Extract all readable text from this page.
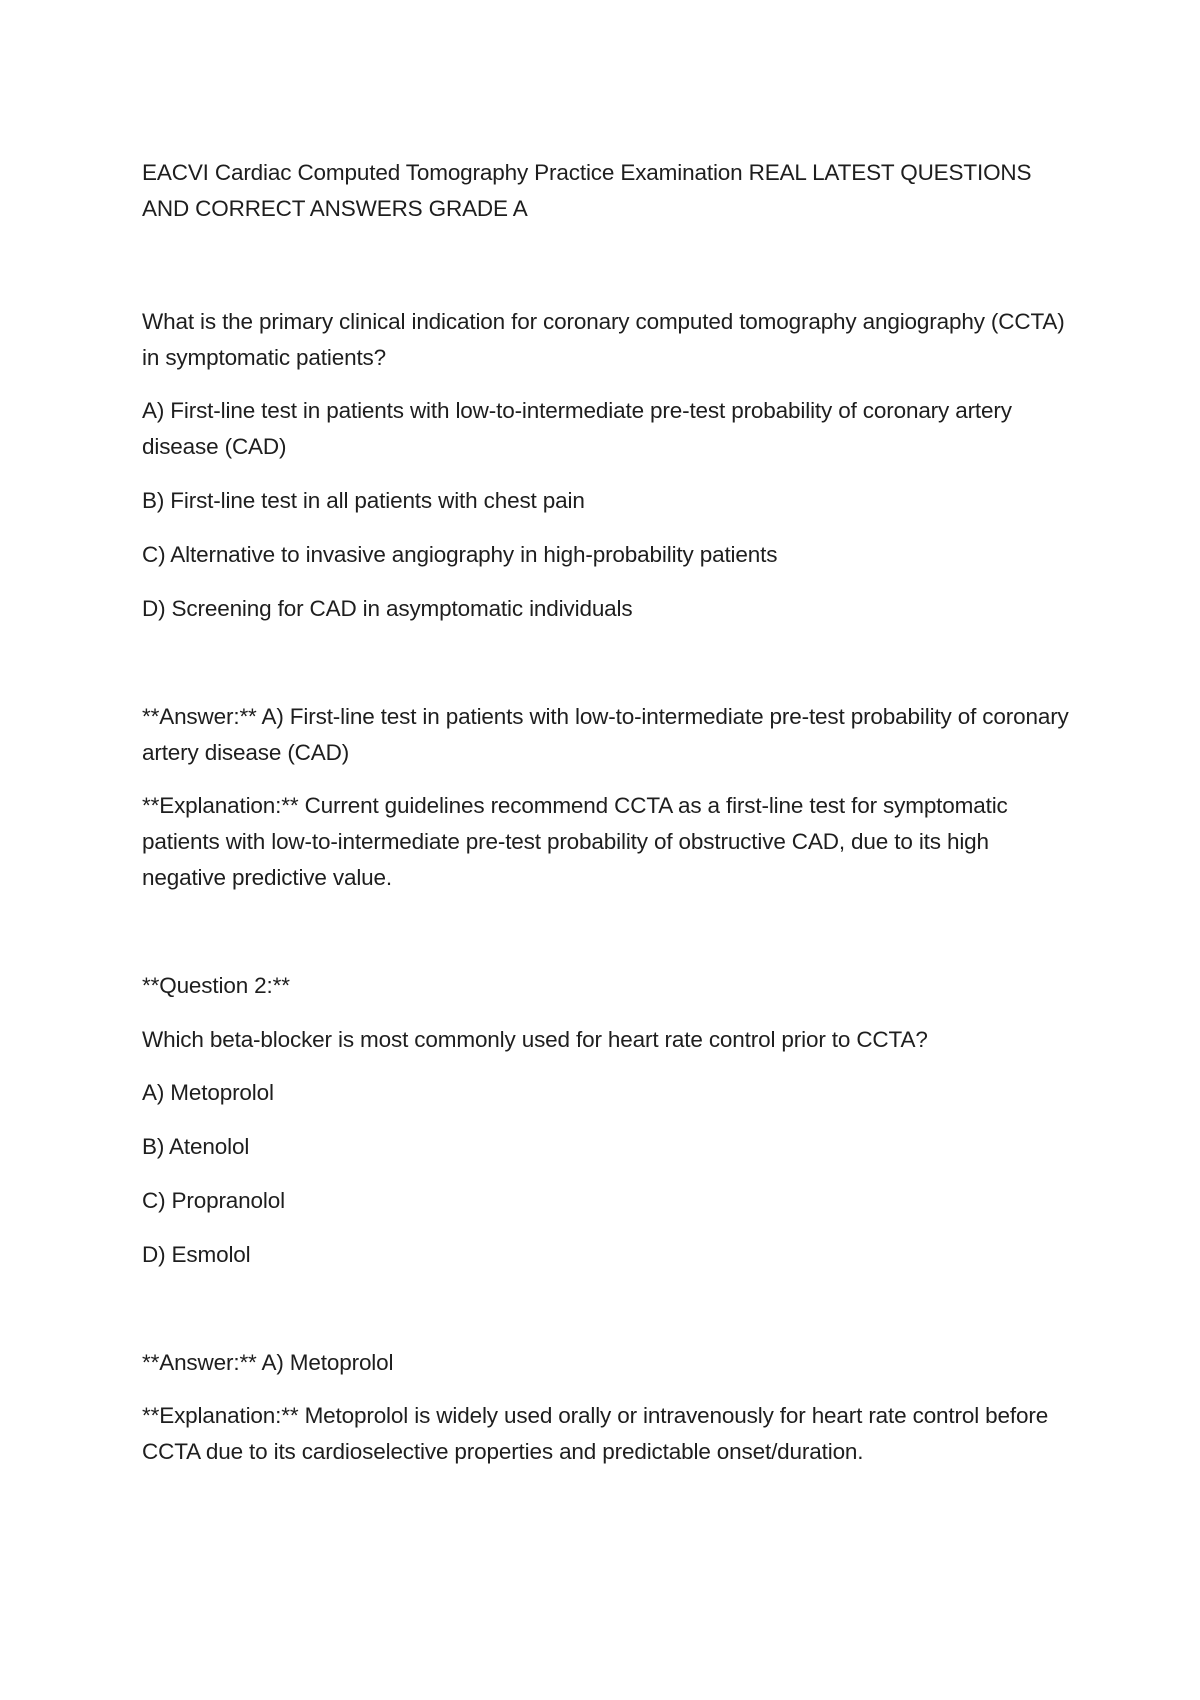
EACVI Cardiac Computed Tomography Practice Examination REAL LATEST QUESTIONS AND CORRECT ANSWERS GRADE A

What is the primary clinical indication for coronary computed tomography angiography (CCTA) in symptomatic patients?

A) First-line test in patients with low-to-intermediate pre-test probability of coronary artery disease (CAD)

B) First-line test in all patients with chest pain

C) Alternative to invasive angiography in high-probability patients

D) Screening for CAD in asymptomatic individuals

**Answer:** A) First-line test in patients with low-to-intermediate pre-test probability of coronary artery disease (CAD)

**Explanation:** Current guidelines recommend CCTA as a first-line test for symptomatic patients with low-to-intermediate pre-test probability of obstructive CAD, due to its high negative predictive value.

**Question 2:**

Which beta-blocker is most commonly used for heart rate control prior to CCTA?

A) Metoprolol

B) Atenolol

C) Propranolol

D) Esmolol

**Answer:** A) Metoprolol

**Explanation:** Metoprolol is widely used orally or intravenously for heart rate control before CCTA due to its cardioselective properties and predictable onset/duration.
